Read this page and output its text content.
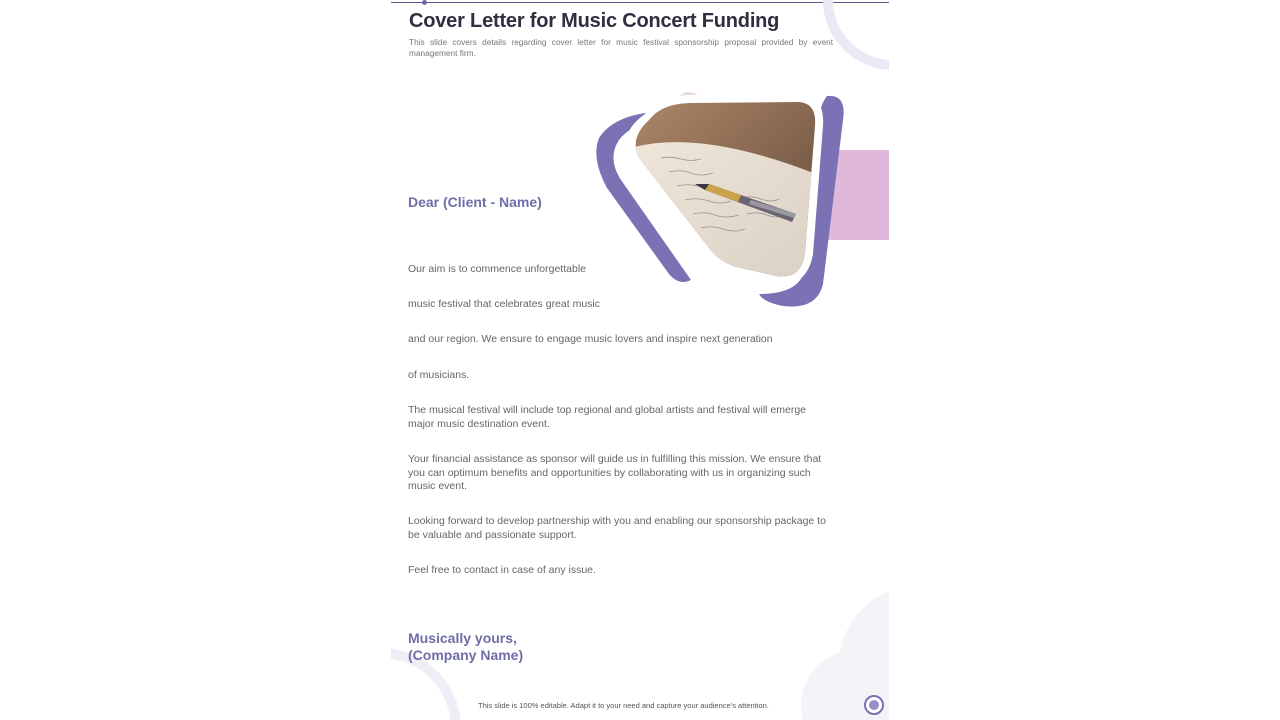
Cover Letter for Music Concert Funding

This slide covers details regarding cover letter for music festival sponsorship proposal provided by event management firm.

Dear (Client - Name)

Our aim is to commence unforgettable

music festival that celebrates great music

and our region. We ensure to engage music lovers and inspire next generation

of musicians.

The musical festival will include top regional and global artists and festival will emerge major music destination event.

Your financial assistance as sponsor will guide us in fulfilling this mission. We ensure that you can optimum benefits and opportunities by collaborating with us in organizing such music event.

Looking forward to develop partnership with you and enabling our sponsorship package to be valuable and passionate support.

Feel free to contact in case of any issue.

Musically yours,
(Company Name)

This slide is 100% editable. Adapt it to your need and capture your audience’s attention.
